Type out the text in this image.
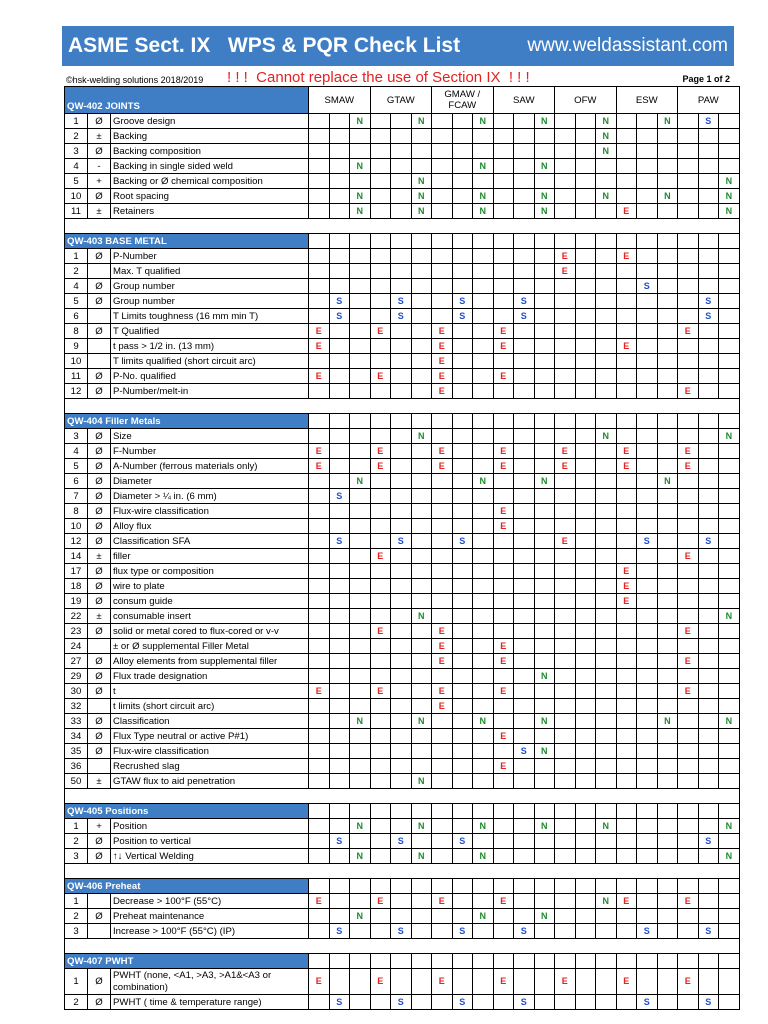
ASME Sect. IX   WPS & PQR Check List	www.weldassistant.com
©hsk-welding solutions 2018/2019 ! ! !  Cannot replace the use of Section IX  ! ! !	Page 1 of 2
QW-402 JOINTS			SMAW			GTAW			GMAW / FCAW			SAW			OFW			ESW			PAW		
1	Ø	Groove design			N			N			N			N			N			N		S	
2	±	Backing															N						
3	Ø	Backing composition															N						
4	-	Backing in single sided weld			N						N			N									
5	+	Backing or Ø chemical composition						N															N
10	Ø	Root spacing			N			N			N			N			N			N			N
11	±	Retainers			N			N			N			N				E					N

QW-403 BASE METAL																							
1	Ø	P-Number													E			E					
2		Max. T qualified													E								
4	Ø	Group number																	S				
5	Ø	Group number		S			S			S			S									S	
6		T Limits toughness (16 mm min T)		S			S			S			S									S	
8	Ø	T Qualified	E			E			E			E									E		
9		t pass > 1/2 in. (13 mm)	E						E			E						E					
10		T limits qualified (short circuit arc)							E														
11	Ø	P-No. qualified	E			E			E			E											
12	Ø	P-Number/melt-in							E												E		

QW-404 Filler Metals																							
3	Ø	Size						N									N						N
4	Ø	F-Number	E			E			E			E			E			E			E		
5	Ø	A-Number (ferrous materials only)	E			E			E			E			E			E			E		
6	Ø	Diameter			N						N			N						N			
7	Ø	Diameter > ¼ in. (6 mm)		S																			
8	Ø	Flux-wire classification										E											
10	Ø	Alloy flux										E											
12	Ø	Classification SFA		S			S			S					E				S			S	
14	±	filler				E															E		
17	Ø	flux type or composition																E					
18	Ø	wire to plate																E					
19	Ø	consum guide																E					
22	±	consumable insert						N															N
23	Ø	solid or metal cored to flux-cored or v-v				E			E												E		
24		± or Ø supplemental Filler Metal							E			E											
27	Ø	Alloy elements from supplemental filler							E			E									E		
29	Ø	Flux trade designation												N									
30	Ø	t	E			E			E			E									E		
32		t limits (short circuit arc)							E														
33	Ø	Classification			N			N			N			N						N			N
34	Ø	Flux Type neutral or active P#1)										E											
35	Ø	Flux-wire classification											S	N									
36		Recrushed slag										E											
50	±	GTAW flux to aid penetration						N															

QW-405 Positions																							
1	+	Position			N			N			N			N			N						N
2	Ø	Position to vertical		S			S			S												S	
3	Ø	↑↓ Vertical Welding			N			N			N												N

QW-406 Preheat																							
1		Decrease > 100°F (55°C)	E			E			E			E					N	E			E		
2	Ø	Preheat maintenance			N						N			N									
3		Increase > 100°F (55°C) (IP)		S			S			S			S						S			S	

QW-407 PWHT																							
1	Ø	PWHT (none, <A1, >A3, >A1&<A3 or combination)	E			E			E			E			E			E			E		
2	Ø	PWHT ( time & temperature range)		S			S			S			S						S			S	
